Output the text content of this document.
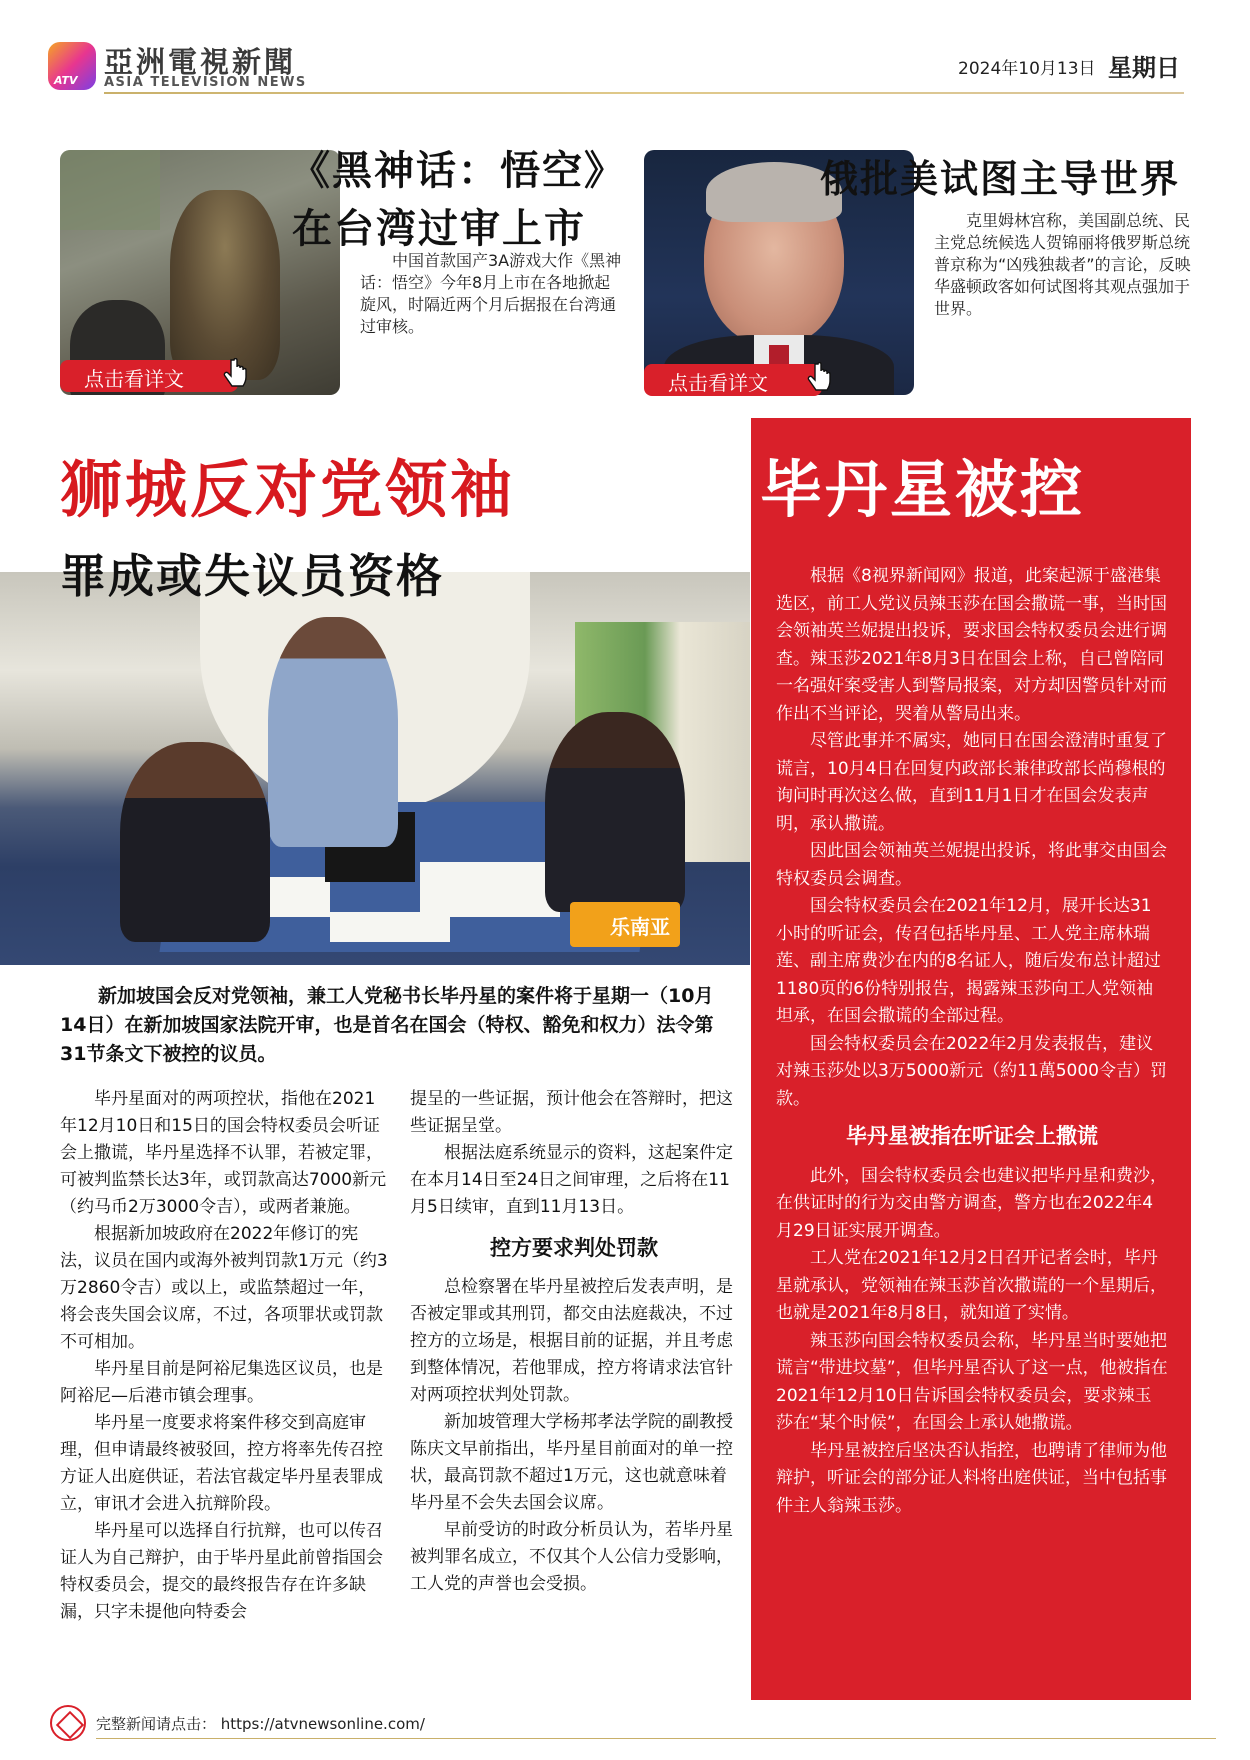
ATV
亞洲電視新聞
ASIA TELEVISION NEWS
2024年10月13日 星期日
《黑神话：悟空》
在台湾过审上市
中国首款国产3A游戏大作《黑神话：悟空》今年8月上市在各地掀起旋风，时隔近两个月后据报在台湾通过审核。
点击看详文
俄批美试图主导世界
克里姆林宫称，美国副总统、民主党总统候选人贺锦丽将俄罗斯总统普京称为“凶残独裁者”的言论，反映华盛顿政客如何试图将其观点强加于世界。
点击看详文
乐南亚
狮城反对党领袖	毕丹星被控
罪成或失议员资格
新加坡国会反对党领袖，兼工人党秘书长毕丹星的案件将于星期一（10月14日）在新加坡国家法院开审，也是首名在国会（特权、豁免和权力）法令第31节条文下被控的议员。

毕丹星面对的两项控状，指他在2021年12月10日和15日的国会特权委员会听证会上撒谎，毕丹星选择不认罪，若被定罪，可被判监禁长达3年，或罚款高达7000新元（约马币2万3000令吉），或两者兼施。

根据新加坡政府在2022年修订的宪法，议员在国内或海外被判罚款1万元（约3万2860令吉）或以上，或监禁超过一年，将会丧失国会议席，不过，各项罪状或罚款不可相加。

毕丹星目前是阿裕尼集选区议员，也是阿裕尼—后港市镇会理事。

毕丹星一度要求将案件移交到高庭审理，但申请最终被驳回，控方将率先传召控方证人出庭供证，若法官裁定毕丹星表罪成立，审讯才会进入抗辩阶段。

毕丹星可以选择自行抗辩，也可以传召证人为自己辩护，由于毕丹星此前曾指国会特权委员会，提交的最终报告存在许多缺漏，只字未提他向特委会

提呈的一些证据，预计他会在答辩时，把这些证据呈堂。

根据法庭系统显示的资料，这起案件定在本月14日至24日之间审理，之后将在11月5日续审，直到11月13日。

控方要求判处罚款

总检察署在毕丹星被控后发表声明，是否被定罪或其刑罚，都交由法庭裁决，不过控方的立场是，根据目前的证据，并且考虑到整体情况，若他罪成，控方将请求法官针对两项控状判处罚款。

新加坡管理大学杨邦孝法学院的副教授陈庆文早前指出，毕丹星目前面对的单一控状，最高罚款不超过1万元，这也就意味着毕丹星不会失去国会议席。

早前受访的时政分析员认为，若毕丹星被判罪名成立，不仅其个人公信力受影响，工人党的声誉也会受损。

根据《8视界新闻网》报道，此案起源于盛港集选区，前工人党议员辣玉莎在国会撒谎一事，当时国会领袖英兰妮提出投诉，要求国会特权委员会进行调查。辣玉莎2021年8月3日在国会上称，自己曾陪同一名强奸案受害人到警局报案，对方却因警员针对而作出不当评论，哭着从警局出来。

尽管此事并不属实，她同日在国会澄清时重复了谎言，10月4日在回复内政部长兼律政部长尚穆根的询问时再次这么做，直到11月1日才在国会发表声明，承认撒谎。

因此国会领袖英兰妮提出投诉，将此事交由国会特权委员会调查。

国会特权委员会在2021年12月，展开长达31小时的听证会，传召包括毕丹星、工人党主席林瑞莲、副主席费沙在内的8名证人，随后发布总计超过1180页的6份特别报告，揭露辣玉莎向工人党领袖坦承，在国会撒谎的全部过程。

国会特权委员会在2022年2月发表报告，建议对辣玉莎处以3万5000新元（約11萬5000令吉）罚款。

毕丹星被指在听证会上撒谎

此外，国会特权委员会也建议把毕丹星和费沙，在供证时的行为交由警方调查，警方也在2022年4月29日证实展开调查。

工人党在2021年12月2日召开记者会时，毕丹星就承认，党领袖在辣玉莎首次撒谎的一个星期后，也就是2021年8月8日，就知道了实情。

辣玉莎向国会特权委员会称，毕丹星当时要她把谎言“带进坟墓”，但毕丹星否认了这一点，他被指在2021年12月10日告诉国会特权委员会，要求辣玉莎在“某个时候”，在国会上承认她撒谎。

毕丹星被控后坚决否认指控，也聘请了律师为他辩护，听证会的部分证人料将出庭供证，当中包括事件主人翁辣玉莎。

完整新闻请点击： https://atvnewsonline.com/
